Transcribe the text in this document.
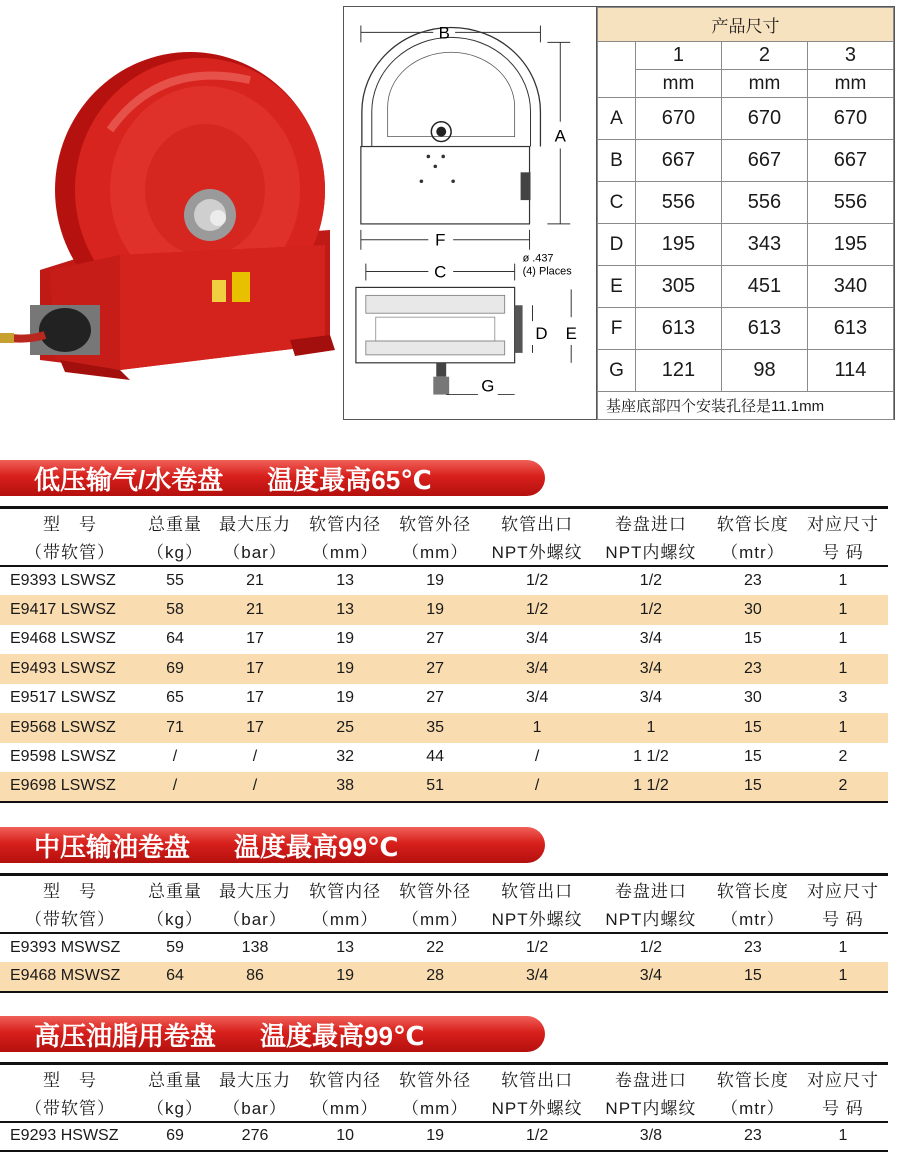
B
A
F
C
ø .437
(4) Places
D E
G
产品尺寸			
	1	2	3
	mm	mm	mm
A	670	670	670
B	667	667	667
C	556	556	556
D	195	343	195
E	305	451	340
F	613	613	613
G	121	98	114
基座底部四个安装孔径是11.1mm			
低压输气/水卷盘 温度最高65℃
型　号	总重量	最大压力	软管内径	软管外径	软管出口	卷盘进口	软管长度	对应尺寸
（带软管）	（kg）	（bar）	（mm）	（mm）	NPT外螺纹	NPT内螺纹	（mtr）	号 码
E9393 LSWSZ	55	21	13	19	1/2	1/2	23	1
E9417 LSWSZ	58	21	13	19	1/2	1/2	30	1
E9468 LSWSZ	64	17	19	27	3/4	3/4	15	1
E9493 LSWSZ	69	17	19	27	3/4	3/4	23	1
E9517 LSWSZ	65	17	19	27	3/4	3/4	30	3
E9568 LSWSZ	71	17	25	35	1	1	15	1
E9598 LSWSZ	/	/	32	44	/	1 1/2	15	2
E9698 LSWSZ	/	/	38	51	/	1 1/2	15	2
中压输油卷盘 温度最高99℃
型　号	总重量	最大压力	软管内径	软管外径	软管出口	卷盘进口	软管长度	对应尺寸
（带软管）	（kg）	（bar）	（mm）	（mm）	NPT外螺纹	NPT内螺纹	（mtr）	号 码
E9393 MSWSZ	59	138	13	22	1/2	1/2	23	1
E9468 MSWSZ	64	86	19	28	3/4	3/4	15	1
高压油脂用卷盘 温度最高99℃
型　号	总重量	最大压力	软管内径	软管外径	软管出口	卷盘进口	软管长度	对应尺寸
（带软管）	（kg）	（bar）	（mm）	（mm）	NPT外螺纹	NPT内螺纹	（mtr）	号 码
E9293 HSWSZ	69	276	10	19	1/2	3/8	23	1
